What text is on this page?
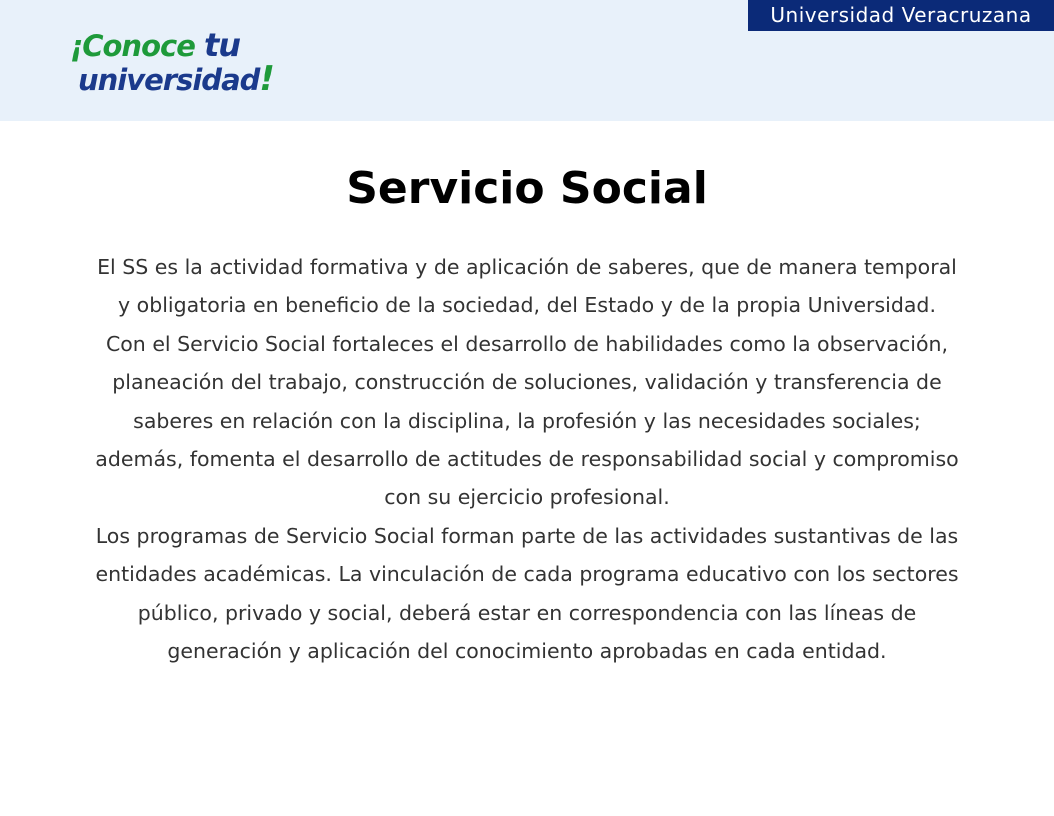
¡Conoce tu
universidad!
Universidad Veracruzana
Servicio Social

El SS es la actividad formativa y de aplicación de saberes, que de manera temporal y obligatoria en beneficio de la sociedad, del Estado y de la propia Universidad.

Con el Servicio Social fortaleces el desarrollo de habilidades como la observación, planeación del trabajo, construcción de soluciones, validación y transferencia de saberes en relación con la disciplina, la profesión y las necesidades sociales; además, fomenta el desarrollo de actitudes de responsabilidad social y compromiso con su ejercicio profesional.

Los programas de Servicio Social forman parte de las actividades sustantivas de las entidades académicas. La vinculación de cada programa educativo con los sectores público, privado y social, deberá estar en correspondencia con las líneas de generación y aplicación del conocimiento aprobadas en cada entidad.
